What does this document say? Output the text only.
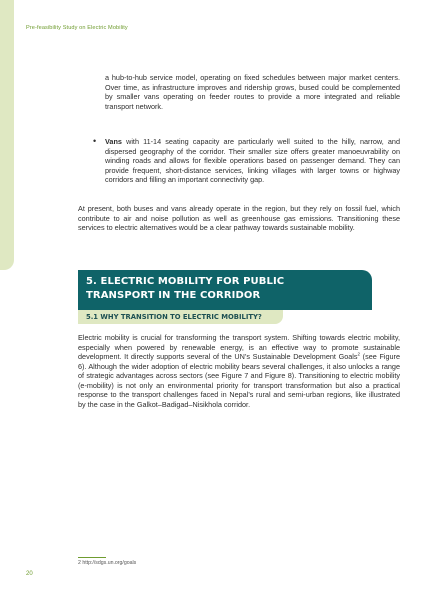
Pre-feasibility Study on Electric Mobility
a hub-to-hub service model, operating on fixed schedules between major market centers. Over time, as infrastructure improves and ridership grows, bused could be complemented by smaller vans operating on feeder routes to provide a more integrated and reliable transport network.
•	Vans with 11-14 seating capacity are particularly well suited to the hilly, narrow, and dispersed geography of the corridor. Their smaller size offers greater manoeuvrability on winding roads and allows for flexible operations based on passenger demand. They can provide frequent, short-distance services, linking villages with larger towns or highway corridors and filling an important connectivity gap.
At present, both buses and vans already operate in the region, but they rely on fossil fuel, which contribute to air and noise pollution as well as greenhouse gas emissions. Transitioning these services to electric alternatives would be a clear pathway towards sustainable mobility.
5. ELECTRIC MOBILITY FOR PUBLIC
TRANSPORT IN THE CORRIDOR
5.1 WHY TRANSITION TO ELECTRIC MOBILITY?
Electric mobility is crucial for transforming the transport system. Shifting towards electric mobility, especially when powered by renewable energy, is an effective way to promote sustainable development. It directly supports several of the UN’s Sustainable Development Goals$^2$ (see Figure 6). Although the wider adoption of electric mobility bears several challenges, it also unlocks a range of strategic advantages across sectors (see Figure 7 and Figure 8). Transitioning to electric mobility (e-mobility) is not only an environmental priority for transport transformation but also a practical response to the transport challenges faced in Nepal’s rural and semi-urban regions, like illustrated by the case in the Galkot–Badigad–Nisikhola corridor.
2 http://sdgs.un.org/goals
20
